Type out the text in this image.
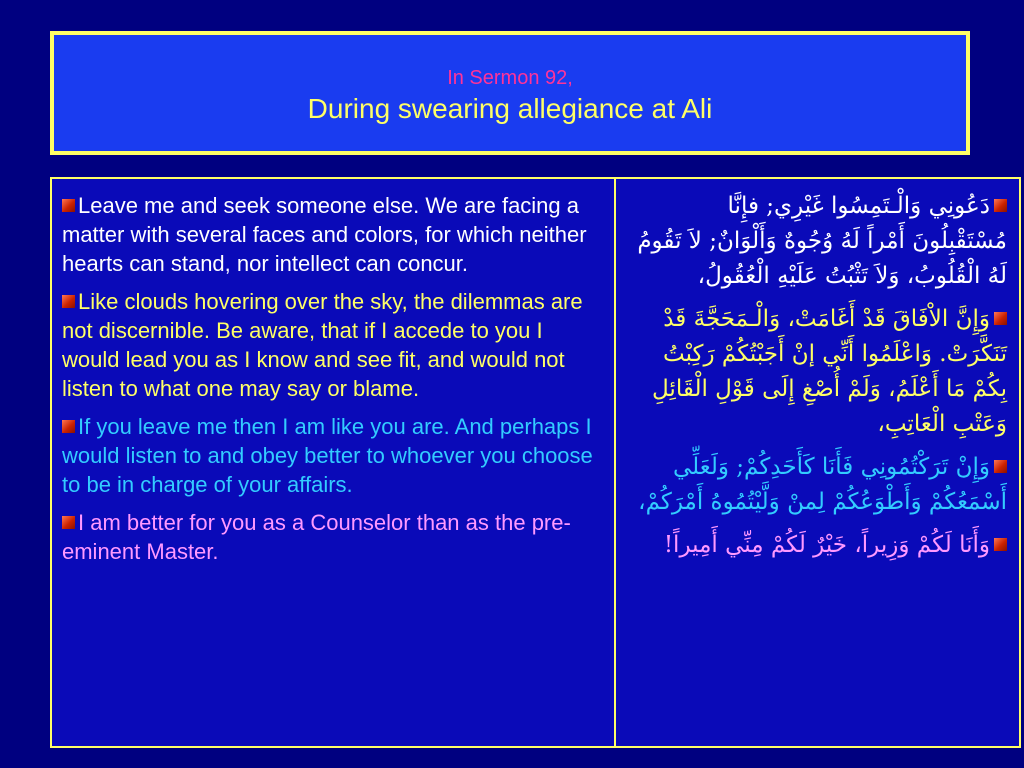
In Sermon 92,
During swearing allegiance at Ali

Leave me and seek someone else. We are facing a matter with several faces and colors, for which neither hearts can stand, nor intellect can concur.

Like clouds hovering over the sky, the dilemmas are not discernible. Be aware, that if I accede to you I would lead you as I know and see fit, and would not listen to what one may say or blame.

If you leave me then I am like you are. And perhaps I would listen to and obey better to whoever you choose to be in charge of your affairs.

I am better for you as a Counselor than as the pre-eminent Master.

دَعُونِي وَالْـتَمِسُوا غَيْرِي; فإِنَّا مُسْتَقْبِلُونَ أَمْراً لَهُ وُجُوهٌ وَأَلْوَانٌ; لاَ تَقُومُ لَهُ الْقُلُوبُ، وَلاَ تَثْبُتُ عَلَيْهِ الْعُقُولُ،

وَإِنَّ الاْفَاقَ قَدْ أَغَامَتْ، وَالْـمَحَجَّةَ قَدْ تَنَكَّرَتْ. وَاعْلَمُوا أَنِّي إنْ أَجَبْتُكُمْ رَكِبْتُ بِكُمْ مَا أَعْلَمُ، وَلَمْ أُصْغِ إِلَى قَوْلِ الْقَائِلِ وَعَتْبِ الْعَاتِبِ،

وَإِنْ تَرَكْتُمُونِي فَأَنَا كَأَحَدِكُمْ; وَلَعَلِّي أَسْمَعُكُمْ وَأَطْوَعُكُمْ لِمنْ وَلَّيْتُمُوهُ أَمْرَكُمْ،

وَأَنَا لَكُمْ وَزِيراً، خَيْرٌ لَكُمْ مِنِّي أَمِيراً!
